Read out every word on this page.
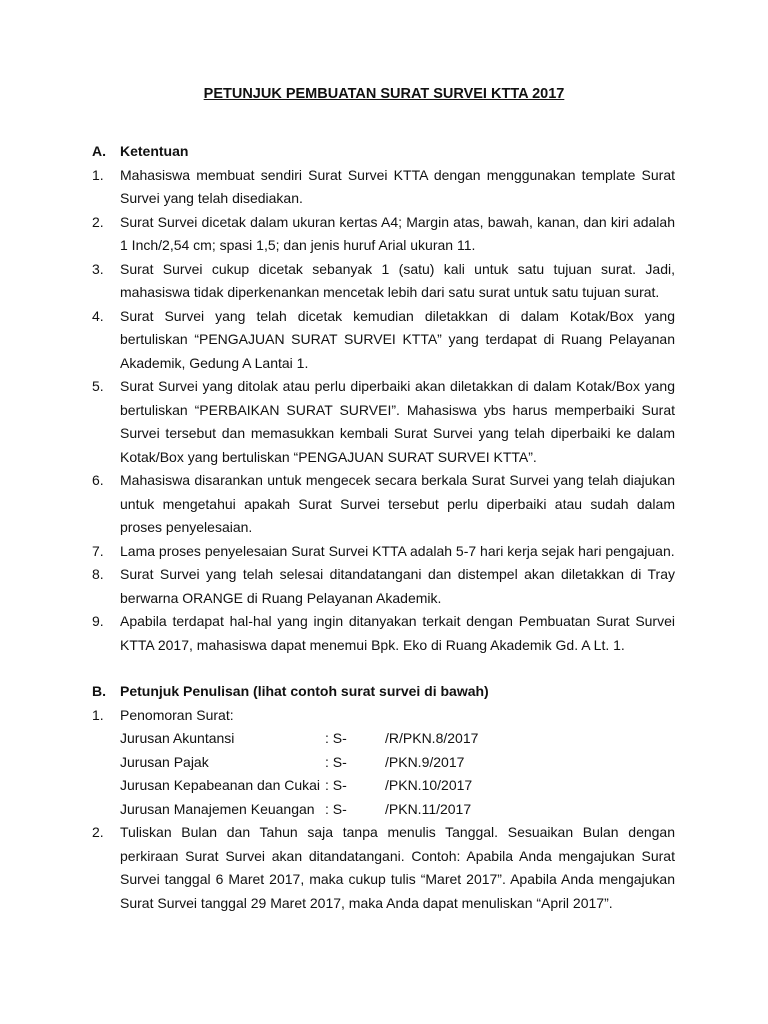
PETUNJUK PEMBUATAN SURAT SURVEI KTTA 2017
A.	Ketentuan
1.	Mahasiswa membuat sendiri Surat Survei KTTA dengan menggunakan template Surat Survei yang telah disediakan.
2.	Surat Survei dicetak dalam ukuran kertas A4; Margin atas, bawah, kanan, dan kiri adalah 1 Inch/2,54 cm; spasi 1,5; dan jenis huruf Arial ukuran 11.
3.	Surat Survei cukup dicetak sebanyak 1 (satu) kali untuk satu tujuan surat. Jadi, mahasiswa tidak diperkenankan mencetak lebih dari satu surat untuk satu tujuan surat.
4.	Surat Survei yang telah dicetak kemudian diletakkan di dalam Kotak/Box yang bertuliskan “PENGAJUAN SURAT SURVEI KTTA” yang terdapat di Ruang Pelayanan Akademik, Gedung A Lantai 1.
5.	Surat Survei yang ditolak atau perlu diperbaiki akan diletakkan di dalam Kotak/Box yang bertuliskan “PERBAIKAN SURAT SURVEI”. Mahasiswa ybs harus memperbaiki Surat Survei tersebut dan memasukkan kembali Surat Survei yang telah diperbaiki ke dalam Kotak/Box yang bertuliskan “PENGAJUAN SURAT SURVEI KTTA”.
6.	Mahasiswa disarankan untuk mengecek secara berkala Surat Survei yang telah diajukan untuk mengetahui apakah Surat Survei tersebut perlu diperbaiki atau sudah dalam proses penyelesaian.
7.	Lama proses penyelesaian Surat Survei KTTA adalah 5-7 hari kerja sejak hari pengajuan.
8.	Surat Survei yang telah selesai ditandatangani dan distempel akan diletakkan di Tray berwarna ORANGE di Ruang Pelayanan Akademik.
9.	Apabila terdapat hal-hal yang ingin ditanyakan terkait dengan Pembuatan Surat Survei KTTA 2017, mahasiswa dapat menemui Bpk. Eko di Ruang Akademik Gd. A Lt. 1.
B.	Petunjuk Penulisan (lihat contoh surat survei di bawah)
1.	Penomoran Surat:
Jurusan Akuntansi	: S-	/R/PKN.8/2017
Jurusan Pajak	: S-	/PKN.9/2017
Jurusan Kepabeanan dan Cukai : S-	/PKN.10/2017
Jurusan Manajemen Keuangan : S-	/PKN.11/2017
2.	Tuliskan Bulan dan Tahun saja tanpa menulis Tanggal. Sesuaikan Bulan dengan perkiraan Surat Survei akan ditandatangani. Contoh: Apabila Anda mengajukan Surat Survei tanggal 6 Maret 2017, maka cukup tulis “Maret 2017”. Apabila Anda mengajukan Surat Survei tanggal 29 Maret 2017, maka Anda dapat menuliskan “April 2017”.
